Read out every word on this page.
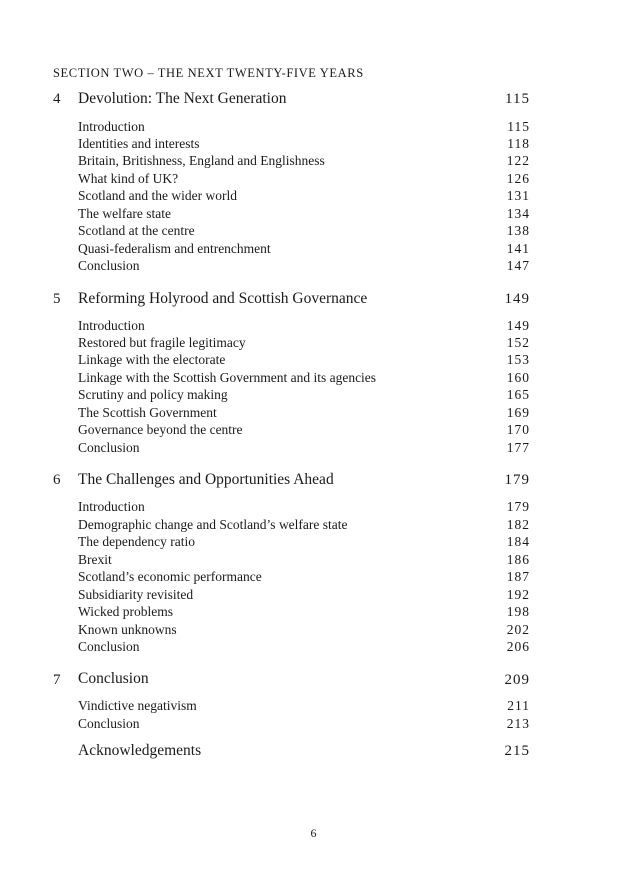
SECTION TWO – THE NEXT TWENTY-FIVE YEARS
4 Devolution: The Next Generation	115
Introduction	115
Identities and interests	118
Britain, Britishness, England and Englishness	122
What kind of UK?	126
Scotland and the wider world	131
The welfare state	134
Scotland at the centre	138
Quasi-federalism and entrenchment	141
Conclusion	147
5 Reforming Holyrood and Scottish Governance	149
Introduction	149
Restored but fragile legitimacy	152
Linkage with the electorate	153
Linkage with the Scottish Government and its agencies	160
Scrutiny and policy making	165
The Scottish Government	169
Governance beyond the centre	170
Conclusion	177
6 The Challenges and Opportunities Ahead	179
Introduction	179
Demographic change and Scotland’s welfare state	182
The dependency ratio	184
Brexit	186
Scotland’s economic performance	187
Subsidiarity revisited	192
Wicked problems	198
Known unknowns	202
Conclusion	206
7 Conclusion	209
Vindictive negativism	211
Conclusion	213
Acknowledgements	215
6
